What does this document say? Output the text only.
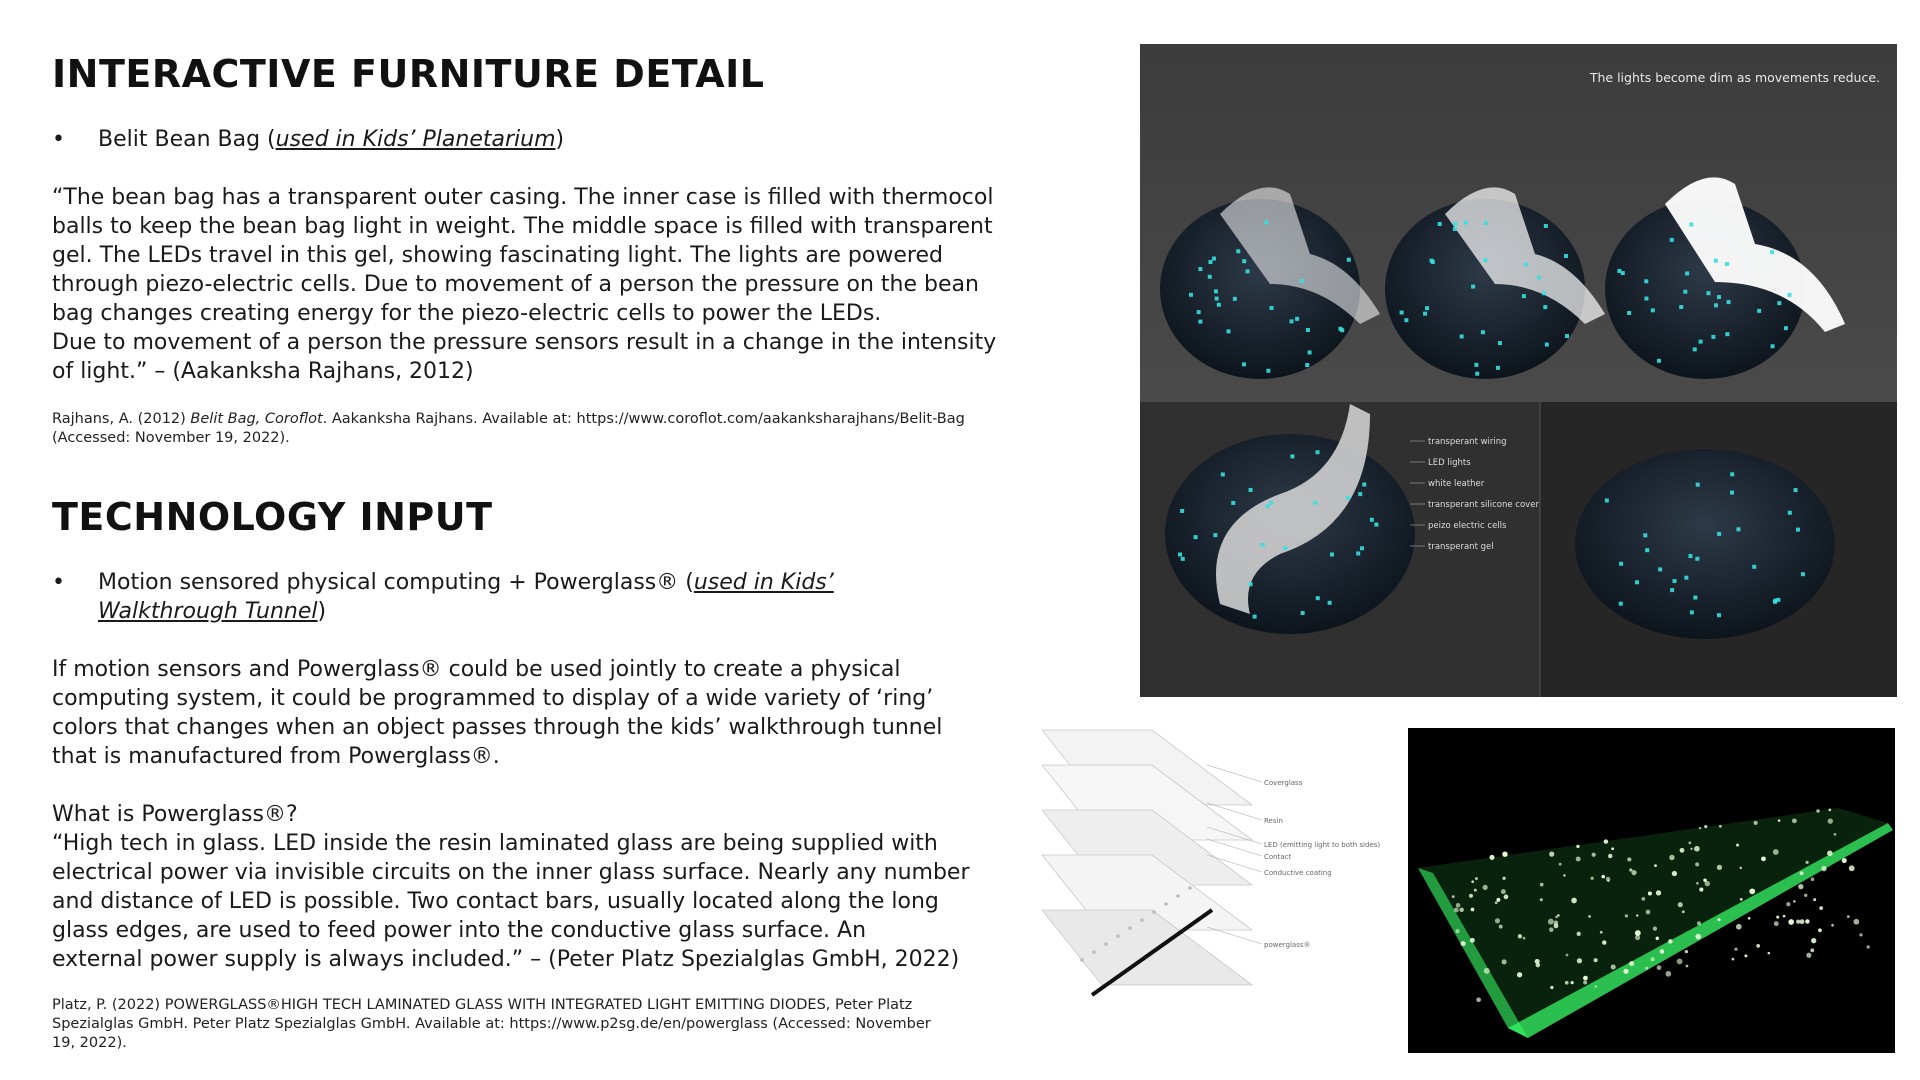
INTERACTIVE FURNITURE DETAIL
• Belit Bean Bag (used in Kids’ Planetarium)
“The bean bag has a transparent outer casing. The inner case is filled with thermocol
balls to keep the bean bag light in weight. The middle space is filled with transparent
gel. The LEDs travel in this gel, showing fascinating light. The lights are powered
through piezo-electric cells. Due to movement of a person the pressure on the bean
bag changes creating energy for the piezo-electric cells to power the LEDs.
Due to movement of a person the pressure sensors result in a change in the intensity
of light.” – (Aakanksha Rajhans, 2012)
Rajhans, A. (2012) Belit Bag, Coroflot. Aakanksha Rajhans. Available at: https://www.coroflot.com/aakanksharajhans/Belit-Bag
(Accessed: November 19, 2022).
TECHNOLOGY INPUT
• Motion sensored physical computing + Powerglass® (used in Kids’
Walkthrough Tunnel)
If motion sensors and Powerglass® could be used jointly to create a physical
computing system, it could be programmed to display of a wide variety of ‘ring’
colors that changes when an object passes through the kids’ walkthrough tunnel
that is manufactured from Powerglass®.
What is Powerglass®?
“High tech in glass. LED inside the resin laminated glass are being supplied with
electrical power via invisible circuits on the inner glass surface. Nearly any number
and distance of LED is possible. Two contact bars, usually located along the long
glass edges, are used to feed power into the conductive glass surface. An
external power supply is always included.” – (Peter Platz Spezialglas GmbH, 2022)
Platz, P. (2022) POWERGLASS®HIGH TECH LAMINATED GLASS WITH INTEGRATED LIGHT EMITTING DIODES, Peter Platz
Spezialglas GmbH. Peter Platz Spezialglas GmbH. Available at: https://www.p2sg.de/en/powerglass (Accessed: November
19, 2022).
transperant wiring
LED lights
white leather
transperant silicone cover
peizo electric cells
transperant gel
The lights become dim as movements reduce.
Coverglass
Resin
LED (emitting light to both sides)
Contact
Conductive coating
powerglass®
